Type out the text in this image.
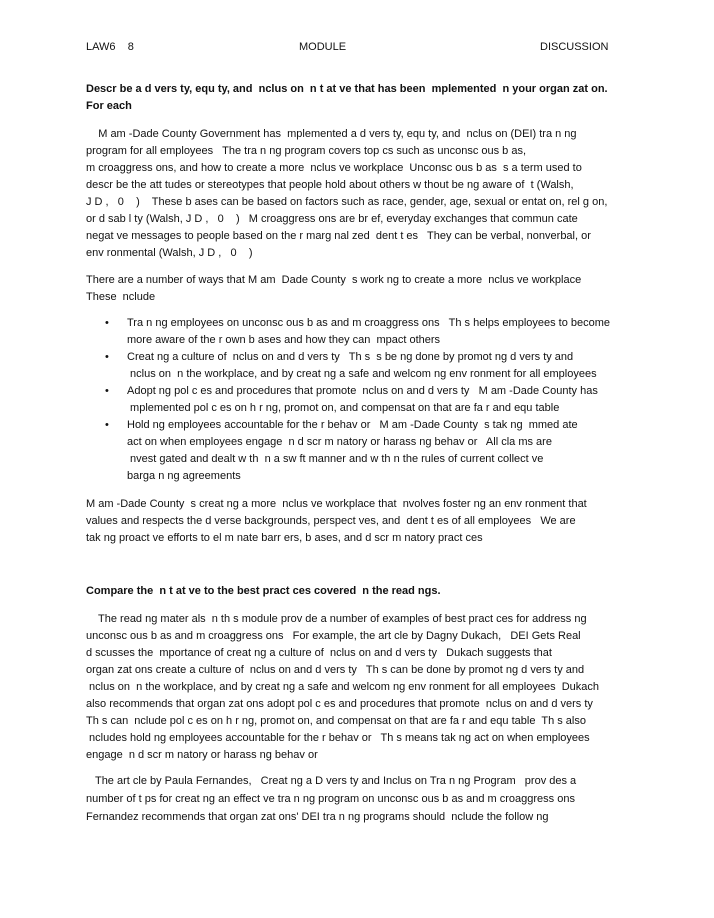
LAW6    8	MODULE	DISCUSSION
Descr be a d vers ty, equ ty, and  nclus on  n t at ve that has been  mplemented  n your organ zat on.
For each
M am -Dade County Government has  mplemented a d vers ty, equ ty, and  nclus on (DEI) tra n ng
program for all employees   The tra n ng program covers top cs such as unconsc ous b as,
m croaggress ons, and how to create a more  nclus ve workplace  Unconsc ous b as  s a term used to
descr be the att tudes or stereotypes that people hold about others w thout be ng aware of  t (Walsh,
J D ,   0    )    These b ases can be based on factors such as race, gender, age, sexual or entat on, rel g on,
or d sab l ty (Walsh, J D ,   0    )   M croaggress ons are br ef, everyday exchanges that commun cate
negat ve messages to people based on the r marg nal zed  dent t es   They can be verbal, nonverbal, or
env ronmental (Walsh, J D ,   0    )
There are a number of ways that M am  Dade County  s work ng to create a more  nclus ve workplace
These  nclude
• Tra n ng employees on unconsc ous b as and m croaggress ons   Th s helps employees to become
more aware of the r own b ases and how they can  mpact others
• Creat ng a culture of  nclus on and d vers ty   Th s  s be ng done by promot ng d vers ty and
nclus on  n the workplace, and by creat ng a safe and welcom ng env ronment for all employees
• Adopt ng pol c es and procedures that promote  nclus on and d vers ty   M am -Dade County has
mplemented pol c es on h r ng, promot on, and compensat on that are fa r and equ table
• Hold ng employees accountable for the r behav or   M am -Dade County  s tak ng  mmed ate
act on when employees engage  n d scr m natory or harass ng behav or   All cla ms are
nvest gated and dealt w th  n a sw ft manner and w th n the rules of current collect ve
barga n ng agreements
M am -Dade County  s creat ng a more  nclus ve workplace that  nvolves foster ng an env ronment that
values and respects the d verse backgrounds, perspect ves, and  dent t es of all employees   We are
tak ng proact ve efforts to el m nate barr ers, b ases, and d scr m natory pract ces
Compare the  n t at ve to the best pract ces covered  n the read ngs.
The read ng mater als  n th s module prov de a number of examples of best pract ces for address ng
unconsc ous b as and m croaggress ons   For example, the art cle by Dagny Dukach,   DEI Gets Real
d scusses the  mportance of creat ng a culture of  nclus on and d vers ty   Dukach suggests that
organ zat ons create a culture of  nclus on and d vers ty   Th s can be done by promot ng d vers ty and
nclus on  n the workplace, and by creat ng a safe and welcom ng env ronment for all employees  Dukach
also recommends that organ zat ons adopt pol c es and procedures that promote  nclus on and d vers ty
Th s can  nclude pol c es on h r ng, promot on, and compensat on that are fa r and equ table  Th s also
ncludes hold ng employees accountable for the r behav or   Th s means tak ng act on when employees
engage  n d scr m natory or harass ng behav or
The art cle by Paula Fernandes,   Creat ng a D vers ty and Inclus on Tra n ng Program   prov des a
number of t ps for creat ng an effect ve tra n ng program on unconsc ous b as and m croaggress ons
Fernandez recommends that organ zat ons' DEI tra n ng programs should  nclude the follow ng
